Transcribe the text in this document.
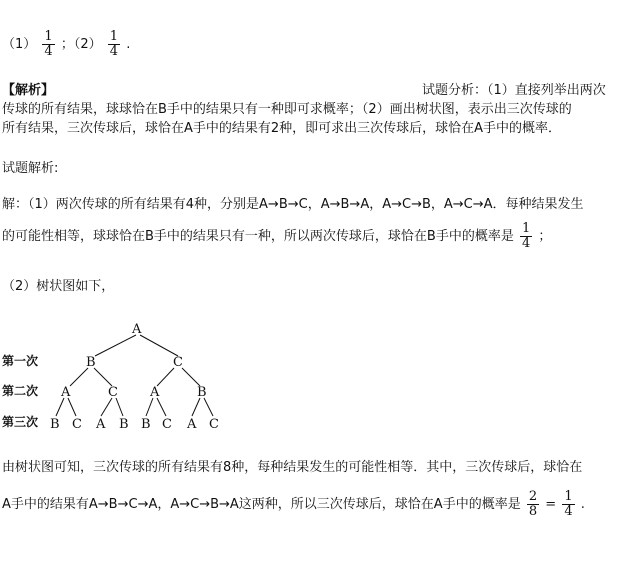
$(1) \frac{1}{4}$ ；$(2) \frac{1}{4}$ .
【解析】	试题分析：（1）直接列举出两次
传球的所有结果，球球恰在B手中的结果只有一种即可求概率；（2）画出树状图，表示出三次传球的
所有结果，三次传球后，球恰在A手中的结果有2种，即可求出三次传球后，球恰在A手中的概率．
试题解析:
解：（1）两次传球的所有结果有4种，分别是A→B→C，A→B→A，A→C→B，A→C→A．每种结果发生
的可能性相等，球球恰在B手中的结果只有一种，所以两次传球后，球恰在B手中的概率是 $\frac{1}{4}$ ；
（2）树状图如下，
第一次
第二次
第三次
A
B	C
A	C A	B
B C A B B C A C
由树状图可知，三次传球的所有结果有8种，每种结果发生的可能性相等．其中，三次传球后，球恰在
A手中的结果有A→B→C→A，A→C→B→A这两种，所以三次传球后，球恰在A手中的概率是 $\frac{2}{8} = \frac{1}{4}$ .
